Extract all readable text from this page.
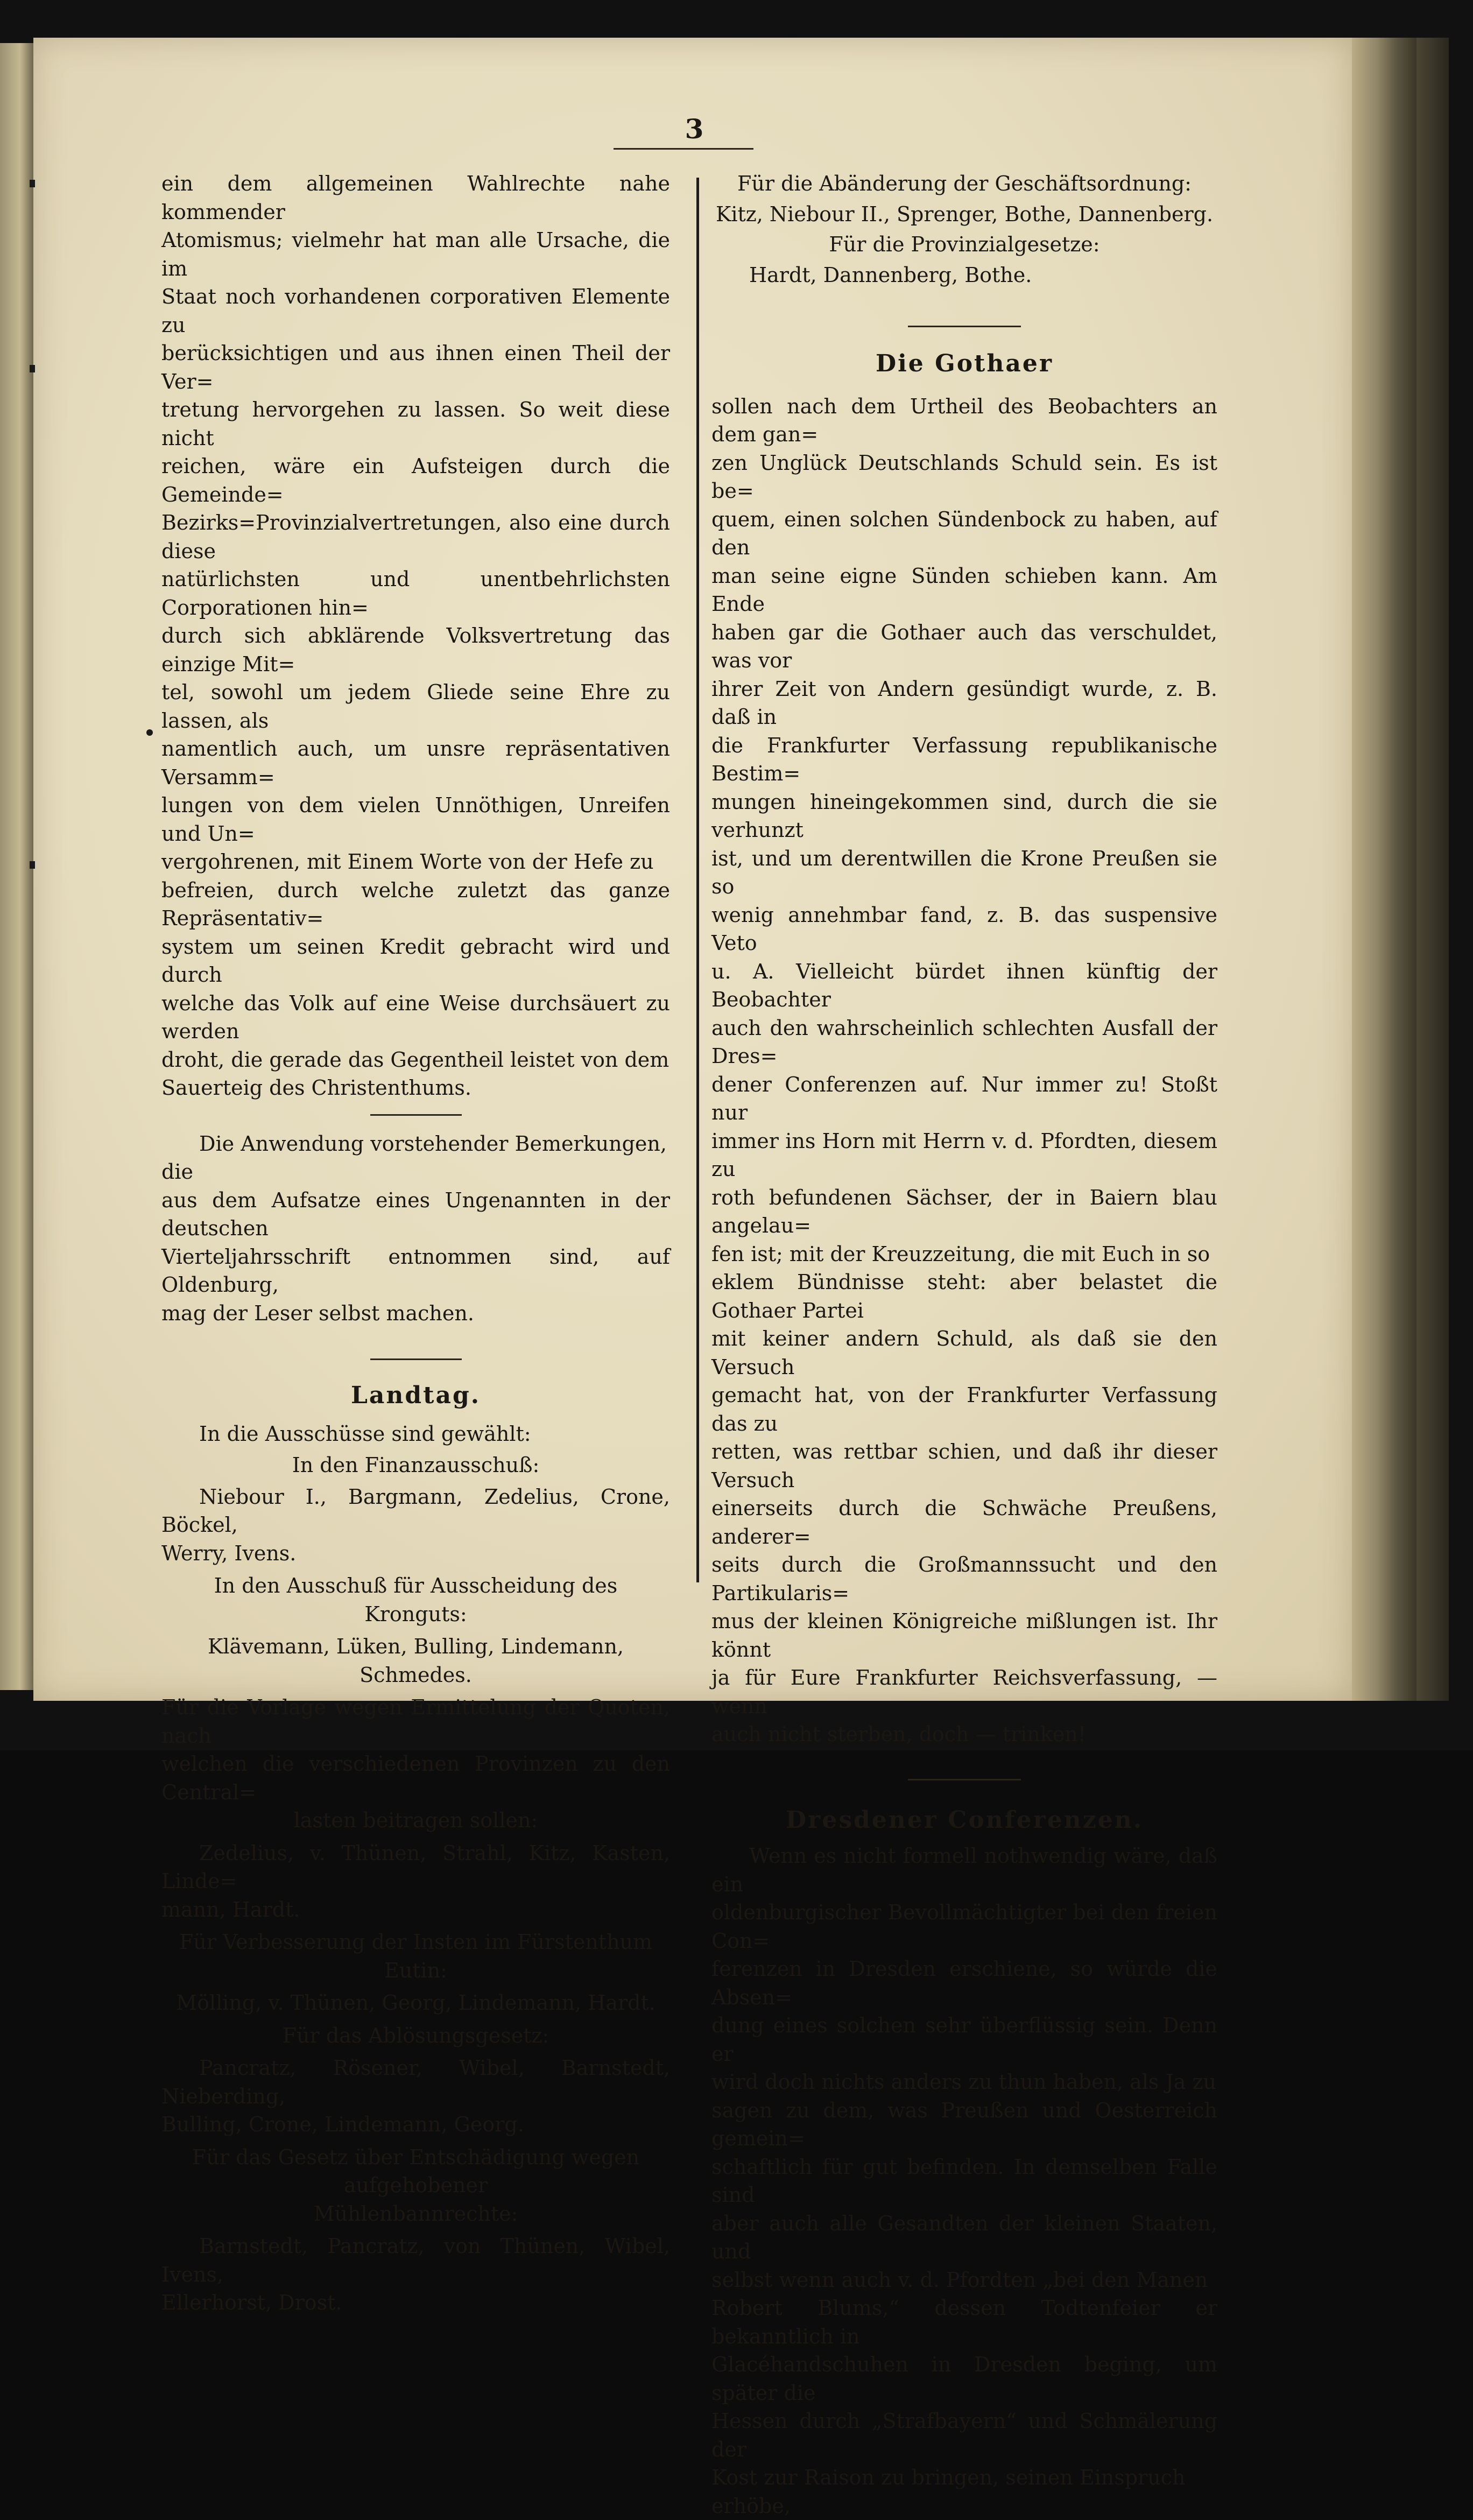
3

ein dem allgemeinen Wahlrechte nahe kommender

Atomismus; vielmehr hat man alle Ursache, die im

Staat noch vorhandenen corporativen Elemente zu

berücksichtigen und aus ihnen einen Theil der Ver=

tretung hervorgehen zu lassen. So weit diese nicht

reichen, wäre ein Aufsteigen durch die Gemeinde=

Bezirks=Provinzialvertretungen, also eine durch diese

natürlichsten und unentbehrlichsten Corporationen hin=

durch sich abklärende Volksvertretung das einzige Mit=

tel, sowohl um jedem Gliede seine Ehre zu lassen, als

namentlich auch, um unsre repräsentativen Versamm=

lungen von dem vielen Unnöthigen, Unreifen und Un=

vergohrenen, mit Einem Worte von der Hefe zu

befreien, durch welche zuletzt das ganze Repräsentativ=

system um seinen Kredit gebracht wird und durch

welche das Volk auf eine Weise durchsäuert zu werden

droht, die gerade das Gegentheil leistet von dem

Sauerteig des Christenthums.

Die Anwendung vorstehender Bemerkungen, die

aus dem Aufsatze eines Ungenannten in der deutschen

Vierteljahrsschrift entnommen sind, auf Oldenburg,

mag der Leser selbst machen.

Landtag.

In die Ausschüsse sind gewählt:

In den Finanzausschuß:

Niebour I., Bargmann, Zedelius, Crone, Böckel,

Werry, Ivens.

In den Ausschuß für Ausscheidung des Kronguts:

Klävemann, Lüken, Bulling, Lindemann, Schmedes.

Für die Vorlage wegen Ermittelung der Quoten, nach

welchen die verschiedenen Provinzen zu den Central=

lasten beitragen sollen:

Zedelius, v. Thünen, Strahl, Kitz, Kasten, Linde=

mann, Hardt.

Für Verbesserung der Insten im Fürstenthum Eutin:

Mölling, v. Thünen, Georg, Lindemann, Hardt.

Für das Ablösungsgesetz:

Pancratz, Rösener, Wibel, Barnstedt, Nieberding,

Bulling, Crone, Lindemann, Georg.

Für das Gesetz über Entschädigung wegen aufgehobener

Mühlenbannrechte:

Barnstedt, Pancratz, von Thünen, Wibel, Ivens,

Ellerhorst, Drost.

Für die Abänderung der Geschäftsordnung:

Kitz, Niebour II., Sprenger, Bothe, Dannenberg.

Für die Provinzialgesetze:

Hardt, Dannenberg, Bothe.

Die Gothaer

sollen nach dem Urtheil des Beobachters an dem gan=

zen Unglück Deutschlands Schuld sein. Es ist be=

quem, einen solchen Sündenbock zu haben, auf den

man seine eigne Sünden schieben kann. Am Ende

haben gar die Gothaer auch das verschuldet, was vor

ihrer Zeit von Andern gesündigt wurde, z. B. daß in

die Frankfurter Verfassung republikanische Bestim=

mungen hineingekommen sind, durch die sie verhunzt

ist, und um derentwillen die Krone Preußen sie so

wenig annehmbar fand, z. B. das suspensive Veto

u. A. Vielleicht bürdet ihnen künftig der Beobachter

auch den wahrscheinlich schlechten Ausfall der Dres=

dener Conferenzen auf. Nur immer zu! Stoßt nur

immer ins Horn mit Herrn v. d. Pfordten, diesem zu

roth befundenen Sächser, der in Baiern blau angelau=

fen ist; mit der Kreuzzeitung, die mit Euch in so

eklem Bündnisse steht: aber belastet die Gothaer Partei

mit keiner andern Schuld, als daß sie den Versuch

gemacht hat, von der Frankfurter Verfassung das zu

retten, was rettbar schien, und daß ihr dieser Versuch

einerseits durch die Schwäche Preußens, anderer=

seits durch die Großmannssucht und den Partikularis=

mus der kleinen Königreiche mißlungen ist. Ihr könnt

ja für Eure Frankfurter Reichsverfassung, — wenn

auch nicht sterben, doch — trinken!

Dresdener Conferenzen.

Wenn es nicht formell nothwendig wäre, daß ein

oldenburgischer Bevollmächtigter bei den freien Con=

ferenzen in Dresden erschiene, so würde die Absen=

dung eines solchen sehr überflüssig sein. Denn er

wird doch nichts anders zu thun haben, als Ja zu

sagen zu dem, was Preußen und Oesterreich gemein=

schaftlich für gut befinden. In demselben Falle sind

aber auch alle Gesandten der kleinen Staaten, und

selbst wenn auch v. d. Pfordten „bei den Manen

Robert Blums,“ dessen Todtenfeier er bekanntlich in

Glacéhandschuhen in Dresden beging, um später die

Hessen durch „Strafbayern“ und Schmälerung der

Kost zur Raison zu bringen, seinen Einspruch erhöbe,
